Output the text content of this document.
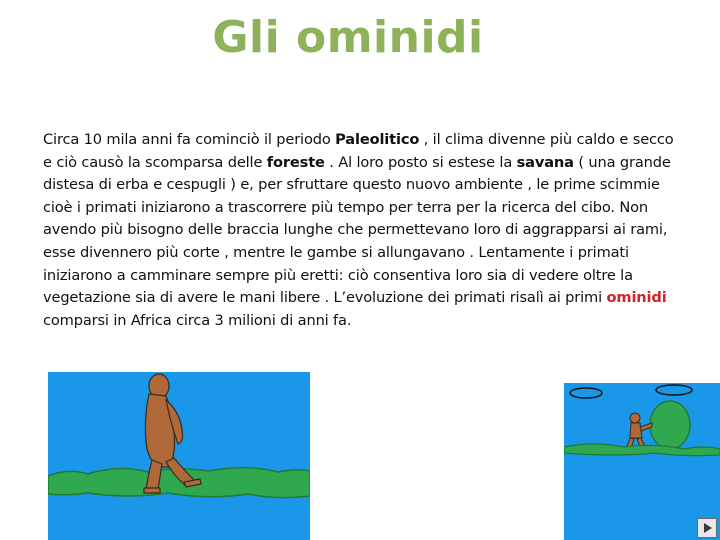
Gli ominidi
Circa 10 mila anni fa cominciò il periodo Paleolitico , il clima divenne più caldo e secco e ciò causò la scomparsa delle foreste . Al loro posto si estese la savana ( una grande distesa di erba e cespugli ) e, per sfruttare questo nuovo ambiente , le prime scimmie cioè i primati iniziarono a trascorrere più tempo per terra per la ricerca del cibo. Non avendo più bisogno delle braccia lunghe che permettevano loro di aggrapparsi ai rami, esse divennero più corte , mentre le gambe si allungavano . Lentamente i primati iniziarono a camminare sempre più eretti: ciò consentiva loro sia di vedere oltre la vegetazione sia di avere le mani libere . L’evoluzione dei primati risalì ai primi ominidi comparsi in Africa circa 3 milioni di anni fa.
